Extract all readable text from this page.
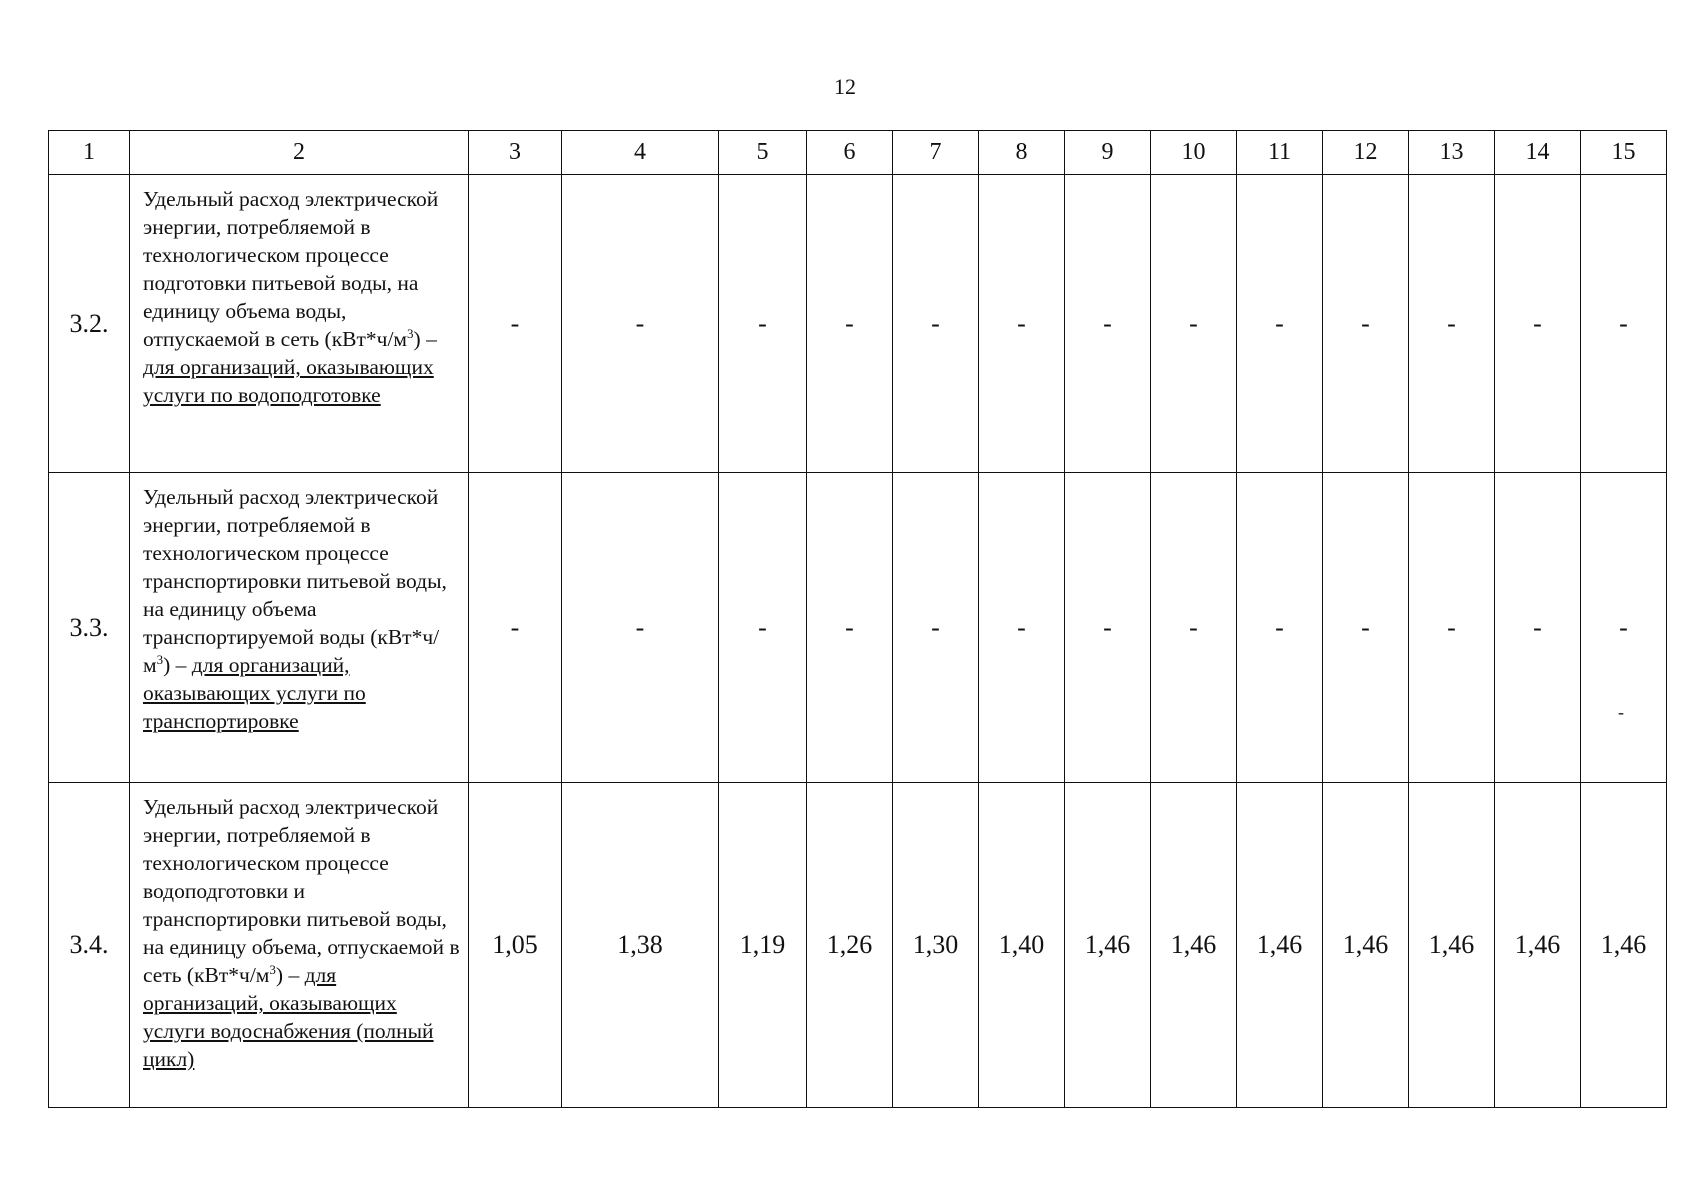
12
1	2	3	4	5	6	7	8	9	10	11	12	13	14	15
3.2.	Удельный расход электрической энергии, потребляемой в технологическом процессе подготовки питьевой воды, на единицу объема воды, отпускаемой в сеть $(кВт*ч/м^3)$ – для организаций, оказывающих услуги по водоподготовке	-	-	-	-	-	-	-	-	-	-	-	-	-
3.3.	Удельный расход электрической энергии, потребляемой в технологическом процессе транспортировки питьевой воды, на единицу объема транспортируемой воды $(кВт*ч/м^3)$ – для организаций, оказывающих услуги по транспортировке	-	-	-	-	-	-	-	-	-	-	-	-	-
3.4.	Удельный расход электрической энергии, потребляемой в технологическом процессе водоподготовки и транспортировки питьевой воды, на единицу объема, отпускаемой в сеть $(кВт*ч/м^3)$ – для организаций, оказывающих услуги водоснабжения (полный цикл)	1,05	1,38	1,19	1,26	1,30	1,40	1,46	1,46	1,46	1,46	1,46	1,46	1,46
-
